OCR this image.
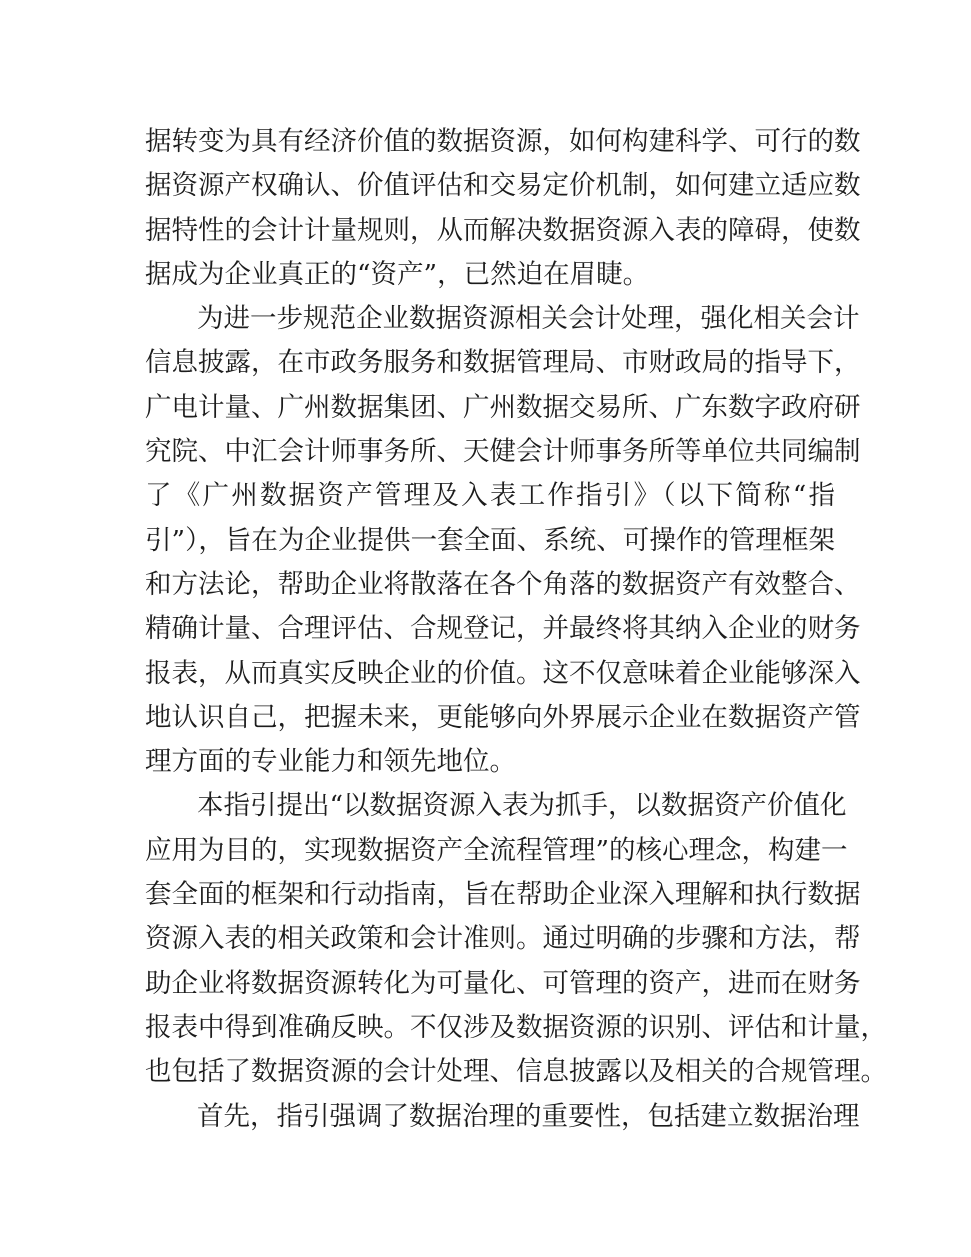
据转变为具有经济价值的数据资源，如何构建科学、可行的数
据资源产权确认、价值评估和交易定价机制，如何建立适应数
据特性的会计计量规则，从而解决数据资源入表的障碍，使数
据成为企业真正的“资产”，已然迫在眉睫。
为进一步规范企业数据资源相关会计处理，强化相关会计
信息披露，在市政务服务和数据管理局、市财政局的指导下，
广电计量、广州数据集团、广州数据交易所、广东数字政府研
究院、中汇会计师事务所、天健会计师事务所等单位共同编制
了《广州数据资产管理及入表工作指引》（以下简称“指
引”），旨在为企业提供一套全面、系统、可操作的管理框架
和方法论，帮助企业将散落在各个角落的数据资产有效整合、
精确计量、合理评估、合规登记，并最终将其纳入企业的财务
报表，从而真实反映企业的价值。这不仅意味着企业能够深入
地认识自己，把握未来，更能够向外界展示企业在数据资产管
理方面的专业能力和领先地位。
本指引提出“以数据资源入表为抓手，以数据资产价值化
应用为目的，实现数据资产全流程管理”的核心理念，构建一
套全面的框架和行动指南，旨在帮助企业深入理解和执行数据
资源入表的相关政策和会计准则。通过明确的步骤和方法，帮
助企业将数据资源转化为可量化、可管理的资产，进而在财务
报表中得到准确反映。不仅涉及数据资源的识别、评估和计量，
也包括了数据资源的会计处理、信息披露以及相关的合规管理。
首先，指引强调了数据治理的重要性，包括建立数据治理
